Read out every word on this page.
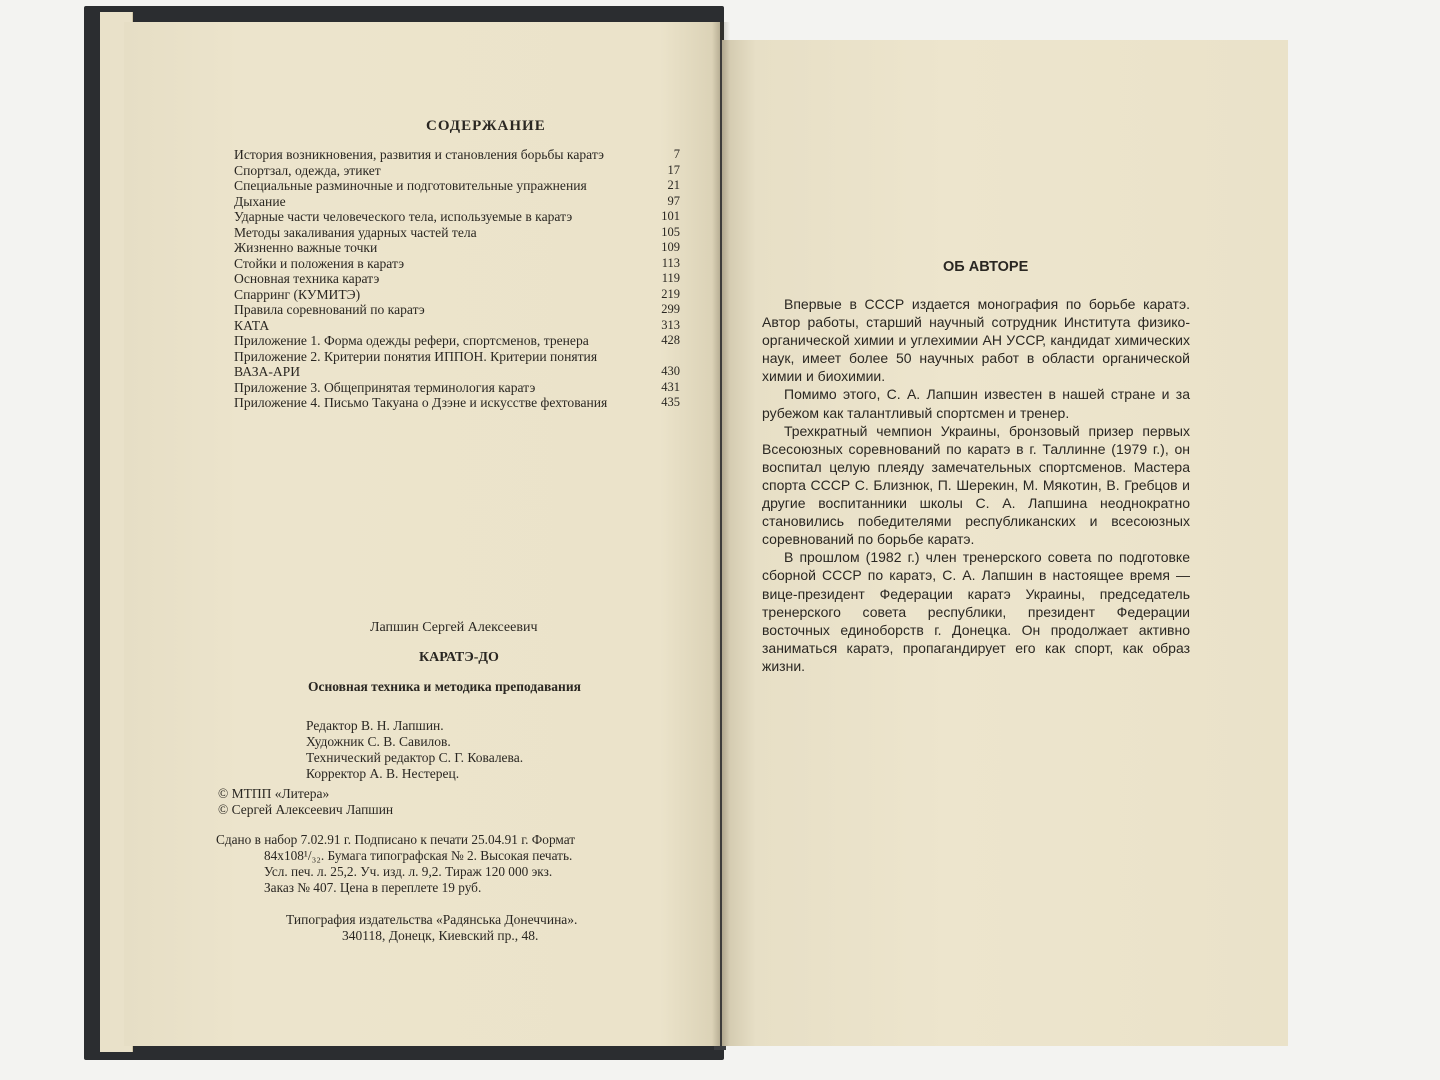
СОДЕРЖАНИЕ
История возникновения, развития и становления борьбы каратэ	7
Спортзал, одежда, этикет	17
Специальные разминочные и подготовительные упражнения	21
Дыхание	97
Ударные части человеческого тела, используемые в каратэ	101
Методы закаливания ударных частей тела	105
Жизненно важные точки	109
Стойки и положения в каратэ	113
Основная техника каратэ	119
Спарринг (КУМИТЭ)	219
Правила соревнований по каратэ	299
КАТА	313
Приложение 1. Форма одежды рефери, спортсменов, тренера	428
Приложение 2. Критерии понятия ИППОН. Критерии понятия ВАЗА-АРИ	430
Приложение 3. Общепринятая терминология каратэ	431
Приложение 4. Письмо Такуана о Дзэне и искусстве фехтования	435
Лапшин Сергей Алексеевич
КАРАТЭ-ДО
Основная техника и методика преподавания
Редактор В. Н. Лапшин.
Художник С. В. Савилов.
Технический редактор С. Г. Ковалева.
Корректор А. В. Нестерец.
© МТПП «Литера»
© Сергей Алексеевич Лапшин
Сдано в набор 7.02.91 г. Подписано к печати 25.04.91 г. Формат
84x108¹/₃₂. Бумага типографская № 2. Высокая печать.
Усл. печ. л. 25,2. Уч. изд. л. 9,2. Тираж 120 000 экз.
Заказ № 407. Цена в переплете 19 руб.
Типография издательства «Радянська Донеччина».
340118, Донецк, Киевский пр., 48.
ОБ АВТОРЕ

Впервые в СССР издается монография по борьбе каратэ. Автор работы, старший научный сотрудник Института физико-органической химии и углехимии АН УССР, кандидат химических наук, имеет более 50 научных работ в области органической химии и биохимии.

Помимо этого, С. А. Лапшин известен в нашей стране и за рубежом как талантливый спортсмен и тренер.

Трехкратный чемпион Украины, бронзовый призер первых Всесоюзных соревнований по каратэ в г. Таллинне (1979 г.), он воспитал целую плеяду замечательных спортсменов. Мастера спорта СССР С. Близнюк, П. Шерекин, М. Мякотин, В. Гребцов и другие воспитанники школы С. А. Лапшина неоднократно становились победителями республиканских и всесоюзных соревнований по борьбе каратэ.

В прошлом (1982 г.) член тренерского совета по подготовке сборной СССР по каратэ, С. А. Лапшин в настоящее время — вице-президент Федерации каратэ Украины, председатель тренерского совета республики, президент Федерации восточных единоборств г. Донецка. Он продолжает активно заниматься каратэ, пропагандирует его как спорт, как образ жизни.
